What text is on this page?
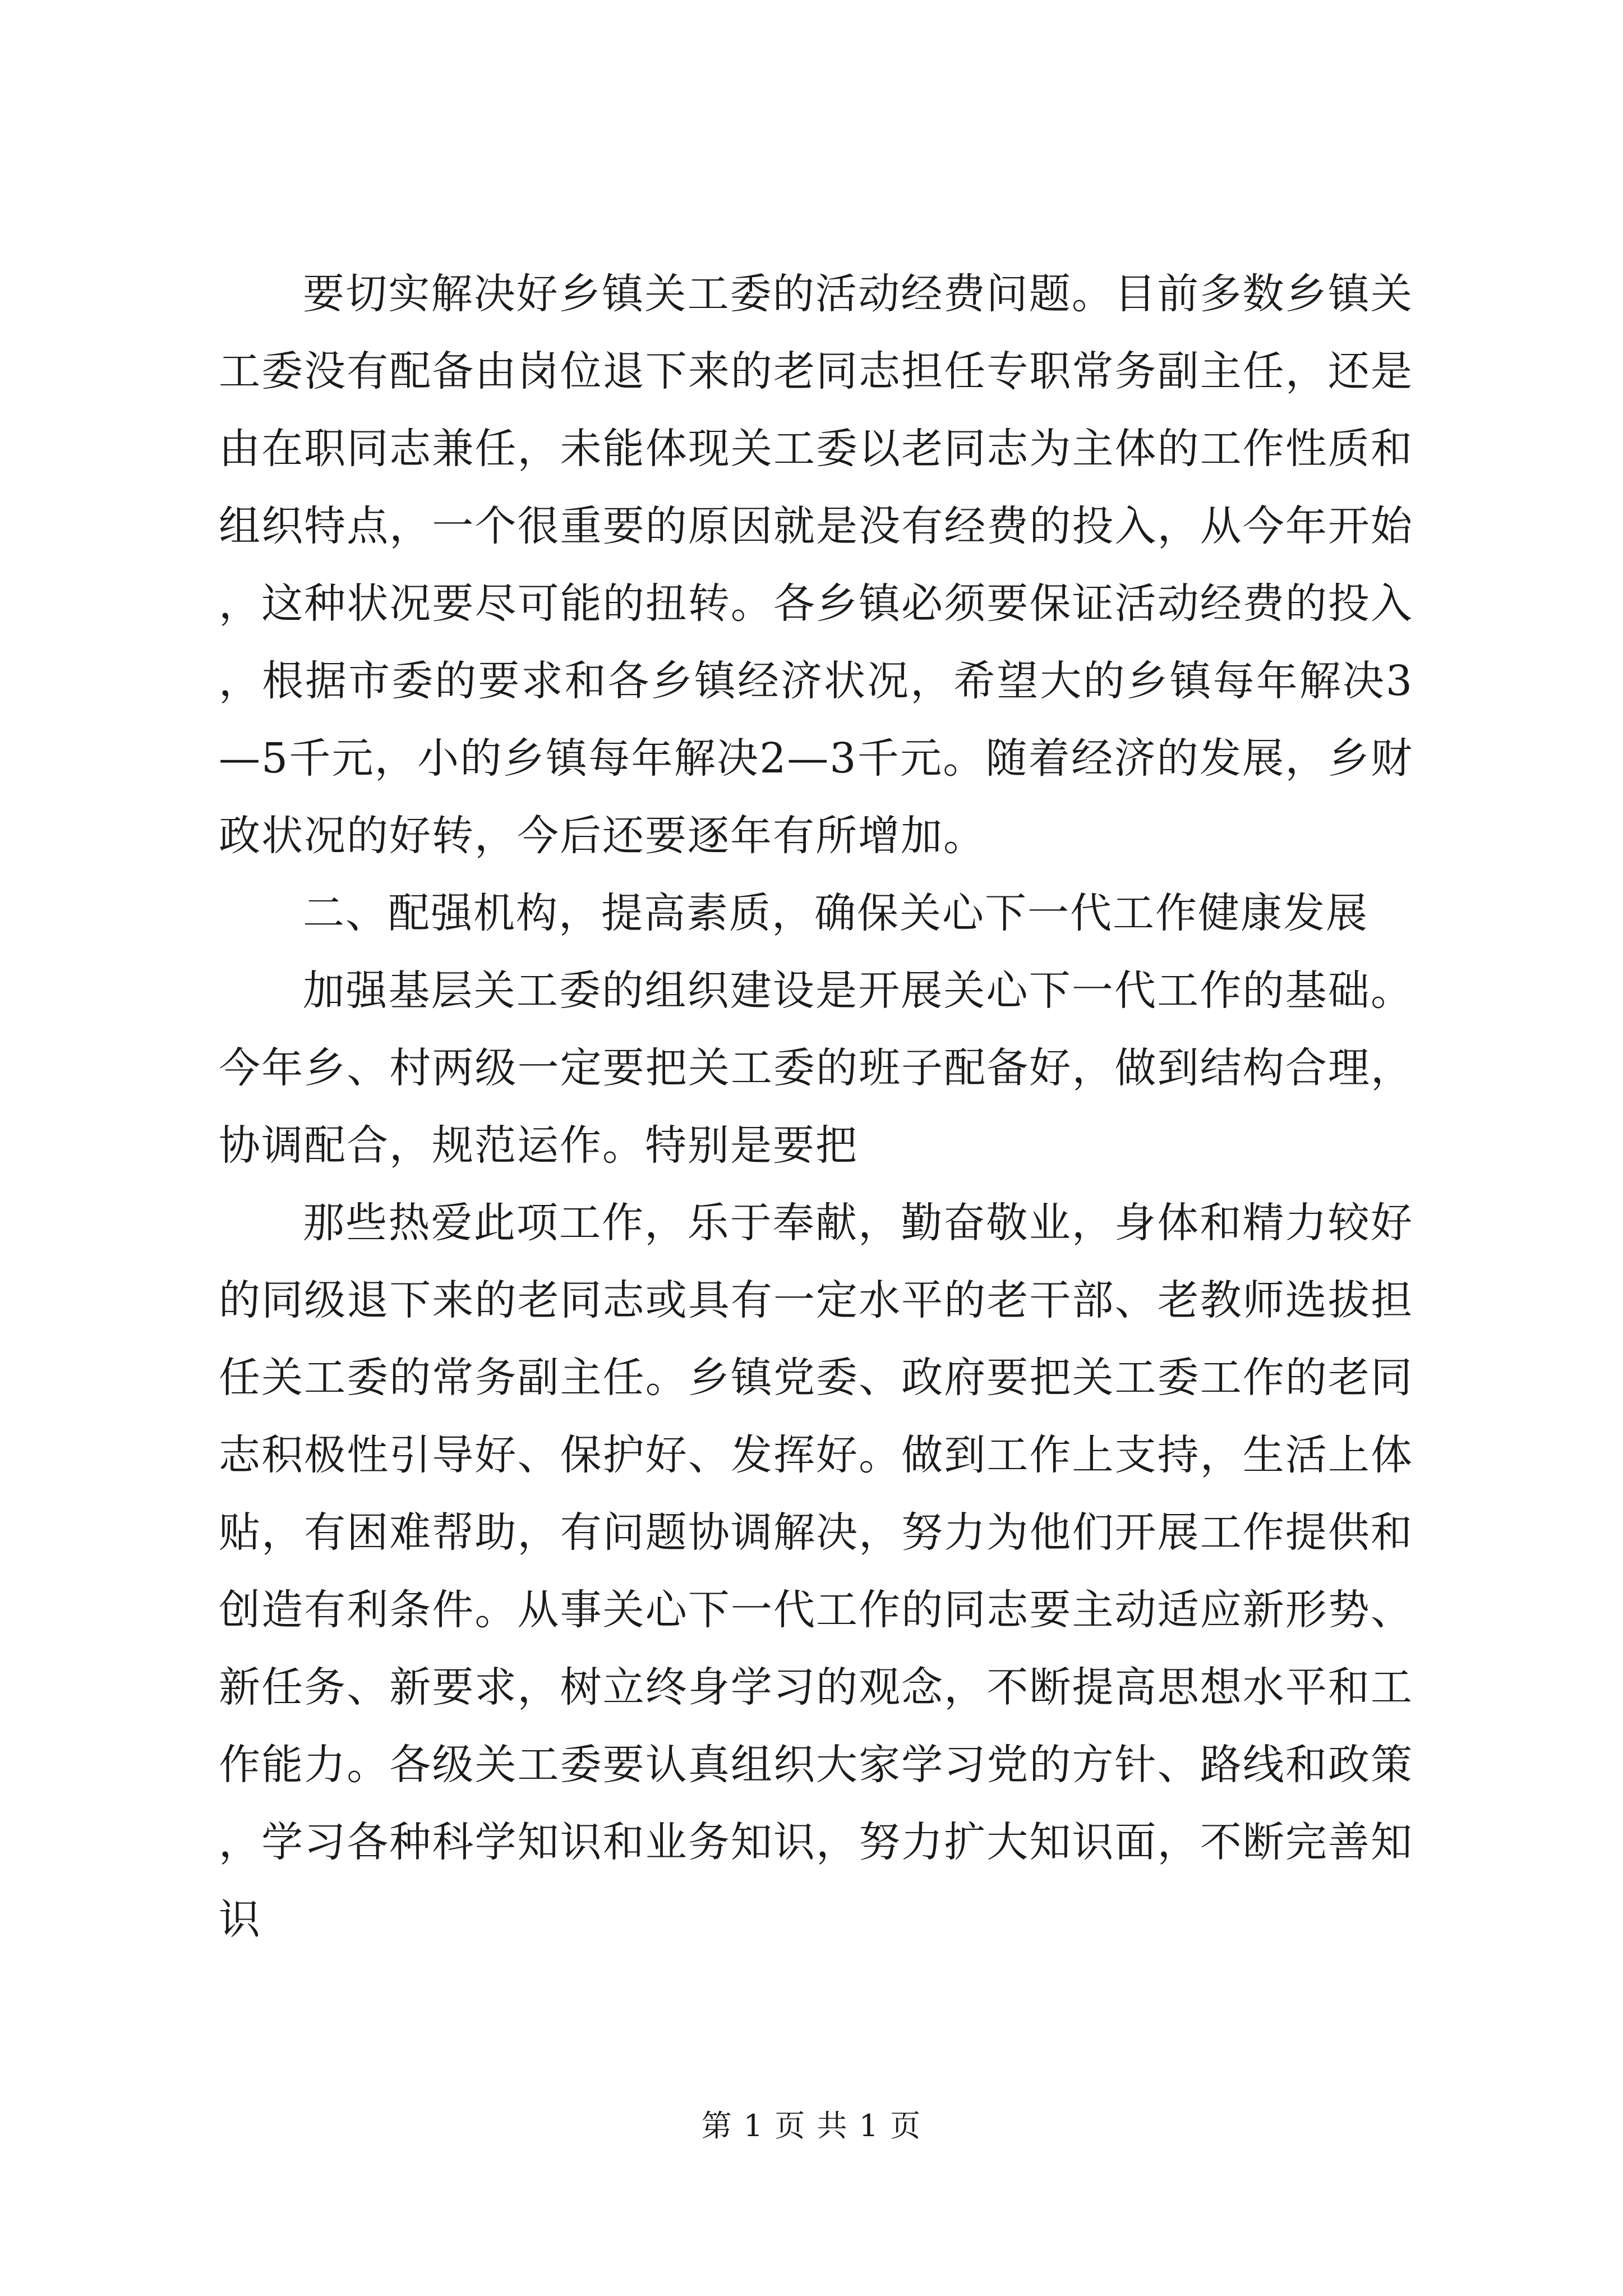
要切实解决好乡镇关工委的活动经费问题。目前多数乡镇关工委没有配备由岗位退下来的老同志担任专职常务副主任，还是由在职同志兼任，未能体现关工委以老同志为主体的工作性质和组织特点，一个很重要的原因就是没有经费的投入，从今年开始，这种状况要尽可能的扭转。各乡镇必须要保证活动经费的投入，根据市委的要求和各乡镇经济状况，希望大的乡镇每年解决3—5千元，小的乡镇每年解决2—3千元。随着经济的发展，乡财政状况的好转，今后还要逐年有所增加。

二、配强机构，提高素质，确保关心下一代工作健康发展

加强基层关工委的组织建设是开展关心下一代工作的基础。今年乡、村两级一定要把关工委的班子配备好，做到结构合理，协调配合，规范运作。特别是要把

那些热爱此项工作，乐于奉献，勤奋敬业，身体和精力较好的同级退下来的老同志或具有一定水平的老干部、老教师选拔担任关工委的常务副主任。乡镇党委、政府要把关工委工作的老同志积极性引导好、保护好、发挥好。做到工作上支持，生活上体贴，有困难帮助，有问题协调解决，努力为他们开展工作提供和创造有利条件。从事关心下一代工作的同志要主动适应新形势、新任务、新要求，树立终身学习的观念，不断提高思想水平和工作能力。各级关工委要认真组织大家学习党的方针、路线和政策，学习各种科学知识和业务知识，努力扩大知识面，不断完善知识

第 1 页 共 1 页
